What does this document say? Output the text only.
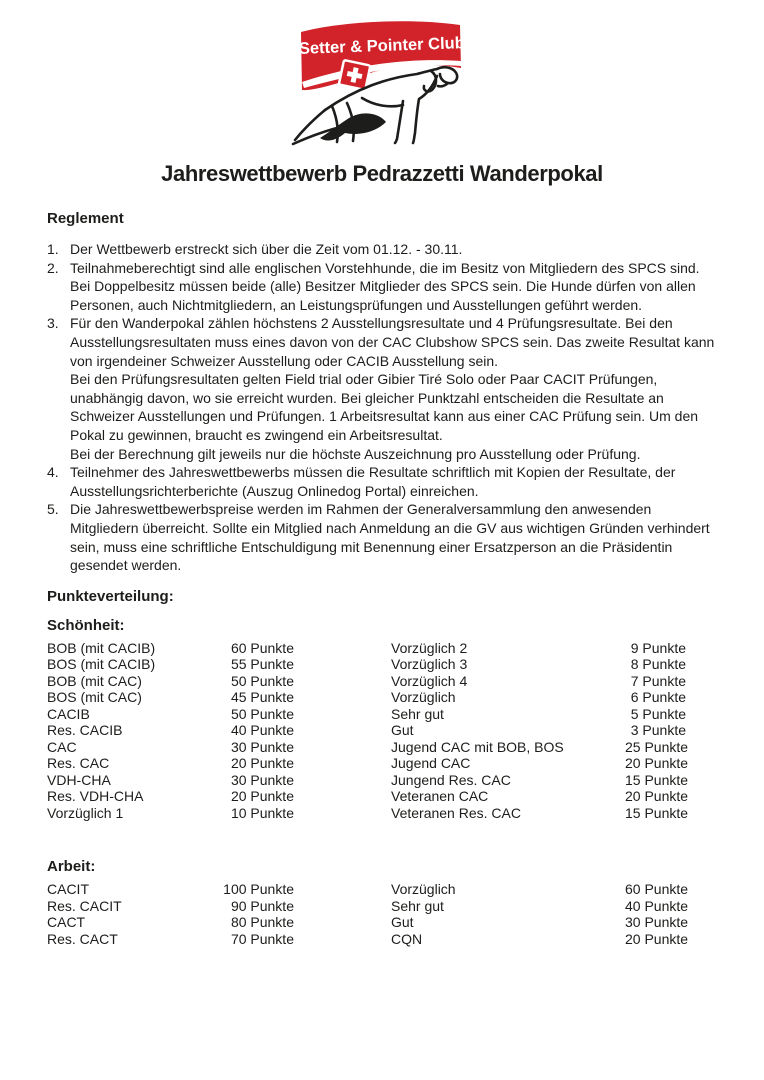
Setter & Pointer Club
Jahreswettbewerb Pedrazzetti Wanderpokal
Reglement
1. Der Wettbewerb erstreckt sich über die Zeit vom 01.12. - 30.11.
2. Teilnahmeberechtigt sind alle englischen Vorstehhunde, die im Besitz von Mitgliedern des SPCS sind. Bei Doppelbesitz müssen beide (alle) Besitzer Mitglieder des SPCS sein. Die Hunde dürfen von allen Personen, auch Nichtmitgliedern, an Leistungsprüfungen und Ausstellungen geführt werden.
3. Für den Wanderpokal zählen höchstens 2 Ausstellungsresultate und 4 Prüfungsresultate. Bei den Ausstellungsresultaten muss eines davon von der CAC Clubshow SPCS sein. Das zweite Resultat kann von irgendeiner Schweizer Ausstellung oder CACIB Ausstellung sein.
Bei den Prüfungsresultaten gelten Field trial oder Gibier Tiré Solo oder Paar CACIT Prüfungen, unabhängig davon, wo sie erreicht wurden. Bei gleicher Punktzahl entscheiden die Resultate an Schweizer Ausstellungen und Prüfungen. 1 Arbeitsresultat kann aus einer CAC Prüfung sein. Um den Pokal zu gewinnen, braucht es zwingend ein Arbeitsresultat.
Bei der Berechnung gilt jeweils nur die höchste Auszeichnung pro Ausstellung oder Prüfung.
4. Teilnehmer des Jahreswettbewerbs müssen die Resultate schriftlich mit Kopien der Resultate, der Ausstellungsrichterberichte (Auszug Onlinedog Portal) einreichen.
5. Die Jahreswettbewerbspreise werden im Rahmen der Generalversammlung den anwesenden Mitgliedern überreicht. Sollte ein Mitglied nach Anmeldung an die GV aus wichtigen Gründen verhindert sein, muss eine schriftliche Entschuldigung mit Benennung einer Ersatzperson an die Präsidentin gesendet werden.
Punkteverteilung:
Schönheit:
BOB (mit CACIB)	60 Punkte	Vorzüglich 2	9 Punkte
BOS (mit CACIB)	55 Punkte	Vorzüglich 3	8 Punkte
BOB (mit CAC)	50 Punkte	Vorzüglich 4	7 Punkte
BOS (mit CAC)	45 Punkte	Vorzüglich	6 Punkte
CACIB	50 Punkte	Sehr gut	5 Punkte
Res. CACIB	40 Punkte	Gut	3 Punkte
CAC	30 Punkte	Jugend CAC mit BOB, BOS	25 Punkte
Res. CAC	20 Punkte	Jugend CAC	20 Punkte
VDH-CHA	30 Punkte	Jungend Res. CAC	15 Punkte
Res. VDH-CHA	20 Punkte	Veteranen CAC	20 Punkte
Vorzüglich 1	10 Punkte	Veteranen Res. CAC	15 Punkte
Arbeit:
CACIT	100 Punkte	Vorzüglich	60 Punkte
Res. CACIT	90 Punkte	Sehr gut	40 Punkte
CACT	80 Punkte	Gut	30 Punkte
Res. CACT	70 Punkte	CQN	20 Punkte
